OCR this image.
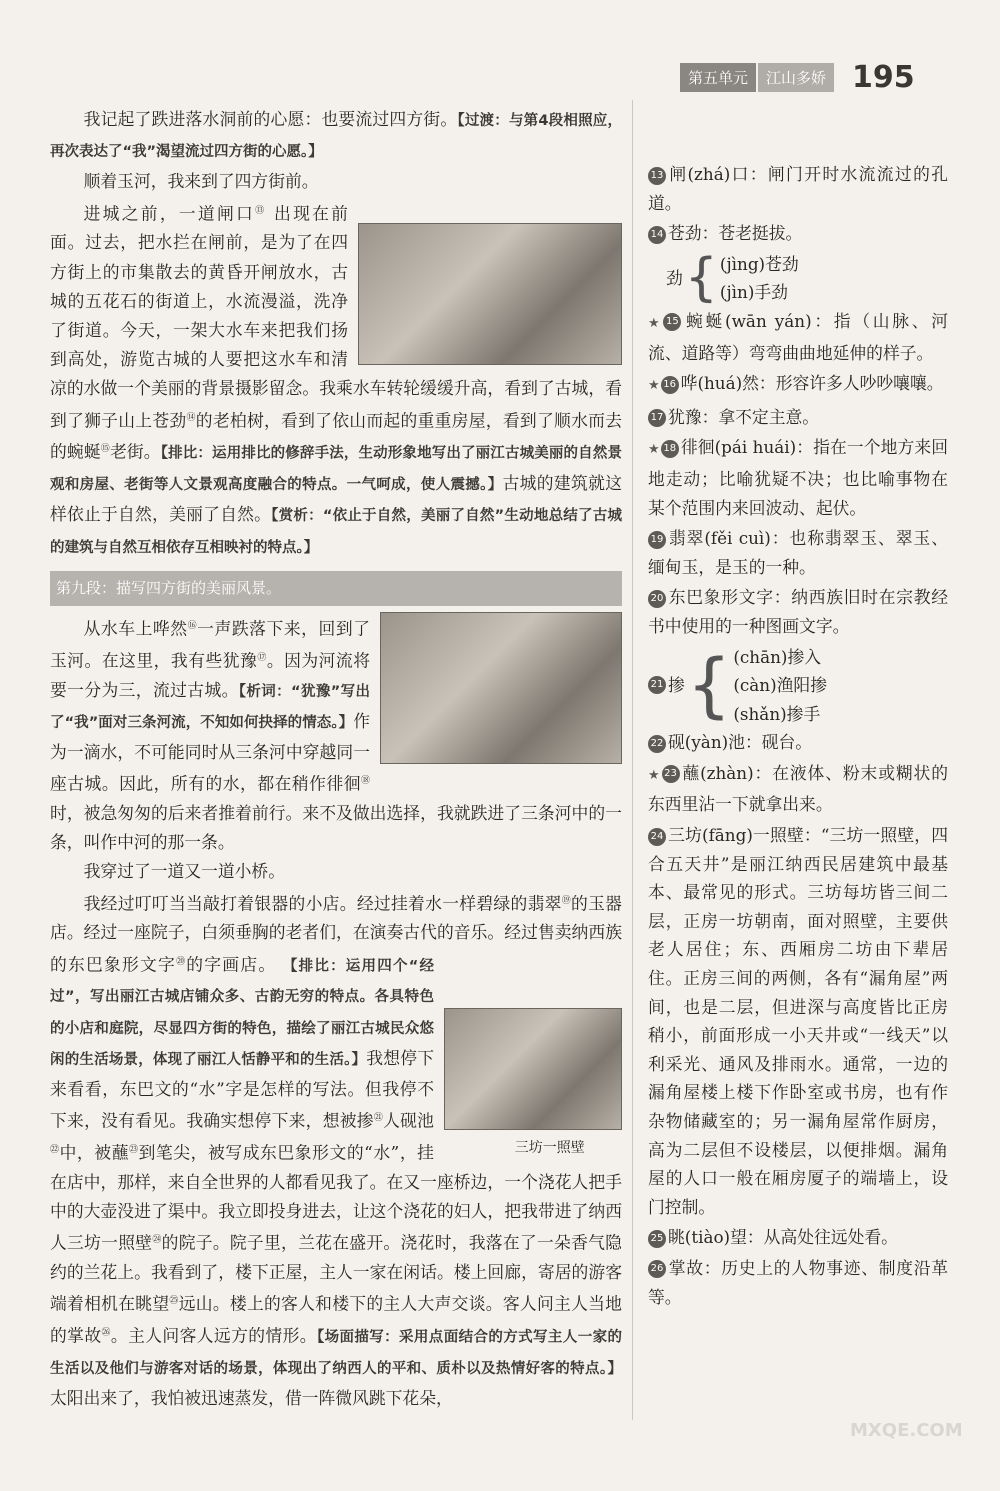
第五单元	江山多娇 195

我记起了跌进落水洞前的心愿：也要流过四方街。【过渡：与第4段相照应，再次表达了“我”渴望流过四方街的心愿。】

顺着玉河，我来到了四方街前。

进城之前，一道闸口⑬ 出现在前面。过去，把水拦在闸前，是为了在四方街上的市集散去的黄昏开闸放水，古城的五花石的街道上，水流漫溢，洗净了街道。今天，一架大水车来把我们扬到高处，游览古城的人要把这水车和清凉的水做一个美丽的背景摄影留念。我乘水车转轮缓缓升高，看到了古城，看到了狮子山上苍劲⑭的老柏树，看到了依山而起的重重房屋，看到了顺水而去的蜿蜒⑮老街。【排比：运用排比的修辞手法，生动形象地写出了丽江古城美丽的自然景观和房屋、老街等人文景观高度融合的特点。一气呵成，使人震撼。】古城的建筑就这样依止于自然，美丽了自然。【赏析：“依止于自然，美丽了自然”生动地总结了古城的建筑与自然互相依存互相映衬的特点。】

第九段：描写四方街的美丽风景。

从水车上哗然⑯一声跌落下来，回到了玉河。在这里，我有些犹豫⑰。因为河流将要一分为三，流过古城。【析词：“犹豫”写出了“我”面对三条河流，不知如何抉择的情态。】作为一滴水，不可能同时从三条河中穿越同一座古城。因此，所有的水，都在稍作徘徊⑱时，被急匆匆的后来者推着前行。来不及做出选择，我就跌进了三条河中的一条，叫作中河的那一条。

我穿过了一道又一道小桥。

我经过叮叮当当敲打着银器的小店。经过挂着水一样碧绿的翡翠⑲的玉器店。经过一座院子，白须垂胸的老者们，在演奏古代的音乐。经过售卖纳西族的东巴象形文字⑳的字画店。
三坊一照壁
【排比：运用四个“经过”，写出丽江古城店铺众多、古韵无穷的特点。各具特色的小店和庭院，尽显四方街的特色，描绘了丽江古城民众悠闲的生活场景，体现了丽江人恬静平和的生活。】我想停下来看看，东巴文的“水”字是怎样的写法。但我停不下来，没有看见。我确实想停下来，想被掺$^㉑$人砚池$^㉒$中，被蘸$^㉓$到笔尖，被写成东巴象形文的“水”，挂在店中，那样，来自全世界的人都看见我了。在又一座桥边，一个浇花人把手中的大壶没进了渠中。我立即投身进去，让这个浇花的妇人，把我带进了纳西人三坊一照壁$^㉔$的院子。院子里，兰花在盛开。浇花时，我落在了一朵香气隐约的兰花上。我看到了，楼下正屋，主人一家在闲话。楼上回廊，寄居的游客端着相机在眺望$^㉕$远山。楼上的客人和楼下的主人大声交谈。客人问主人当地的掌故$^㉖$。主人问客人远方的情形。【场面描写：采用点面结合的方式写主人一家的生活以及他们与游客对话的场景，体现出了纳西人的平和、质朴以及热情好客的特点。】太阳出来了，我怕被迅速蒸发，借一阵微风跳下花朵，

13 闸(zhá)口：闸门开时水流流过的孔道。
14 苍劲：苍老挺拔。
劲 { (jìng)苍劲
(jìn)手劲
★ 15 蜿蜒(wān yán)：指（山脉、河流、道路等）弯弯曲曲地延伸的样子。
★ 16 哗(huá)然：形容许多人吵吵嚷嚷。
17 犹豫：拿不定主意。
★ 18 徘徊(pái huái)：指在一个地方来回地走动；比喻犹疑不决；也比喻事物在某个范围内来回波动、起伏。
19 翡翠(fěi cuì)：也称翡翠玉、翠玉、缅甸玉，是玉的一种。
20 东巴象形文字：纳西族旧时在宗教经书中使用的一种图画文字。
21 掺 { (chān)掺入
(càn)渔阳掺
(shǎn)掺手
22 砚(yàn)池：砚台。
★ 23 蘸(zhàn)：在液体、粉末或糊状的东西里沾一下就拿出来。
24 三坊(fāng)一照壁：“三坊一照壁，四合五天井”是丽江纳西民居建筑中最基本、最常见的形式。三坊每坊皆三间二层，正房一坊朝南，面对照壁，主要供老人居住；东、西厢房二坊由下辈居住。正房三间的两侧，各有“漏角屋”两间，也是二层，但进深与高度皆比正房稍小，前面形成一小天井或“一线天”以利采光、通风及排雨水。通常，一边的漏角屋楼上楼下作卧室或书房，也有作杂物储藏室的；另一漏角屋常作厨房，高为二层但不设楼层，以便排烟。漏角屋的人口一般在厢房厦子的端墙上，设门控制。
25 眺(tiào)望：从高处往远处看。
26 掌故：历史上的人物事迹、制度沿革等。
MXQE.COM
